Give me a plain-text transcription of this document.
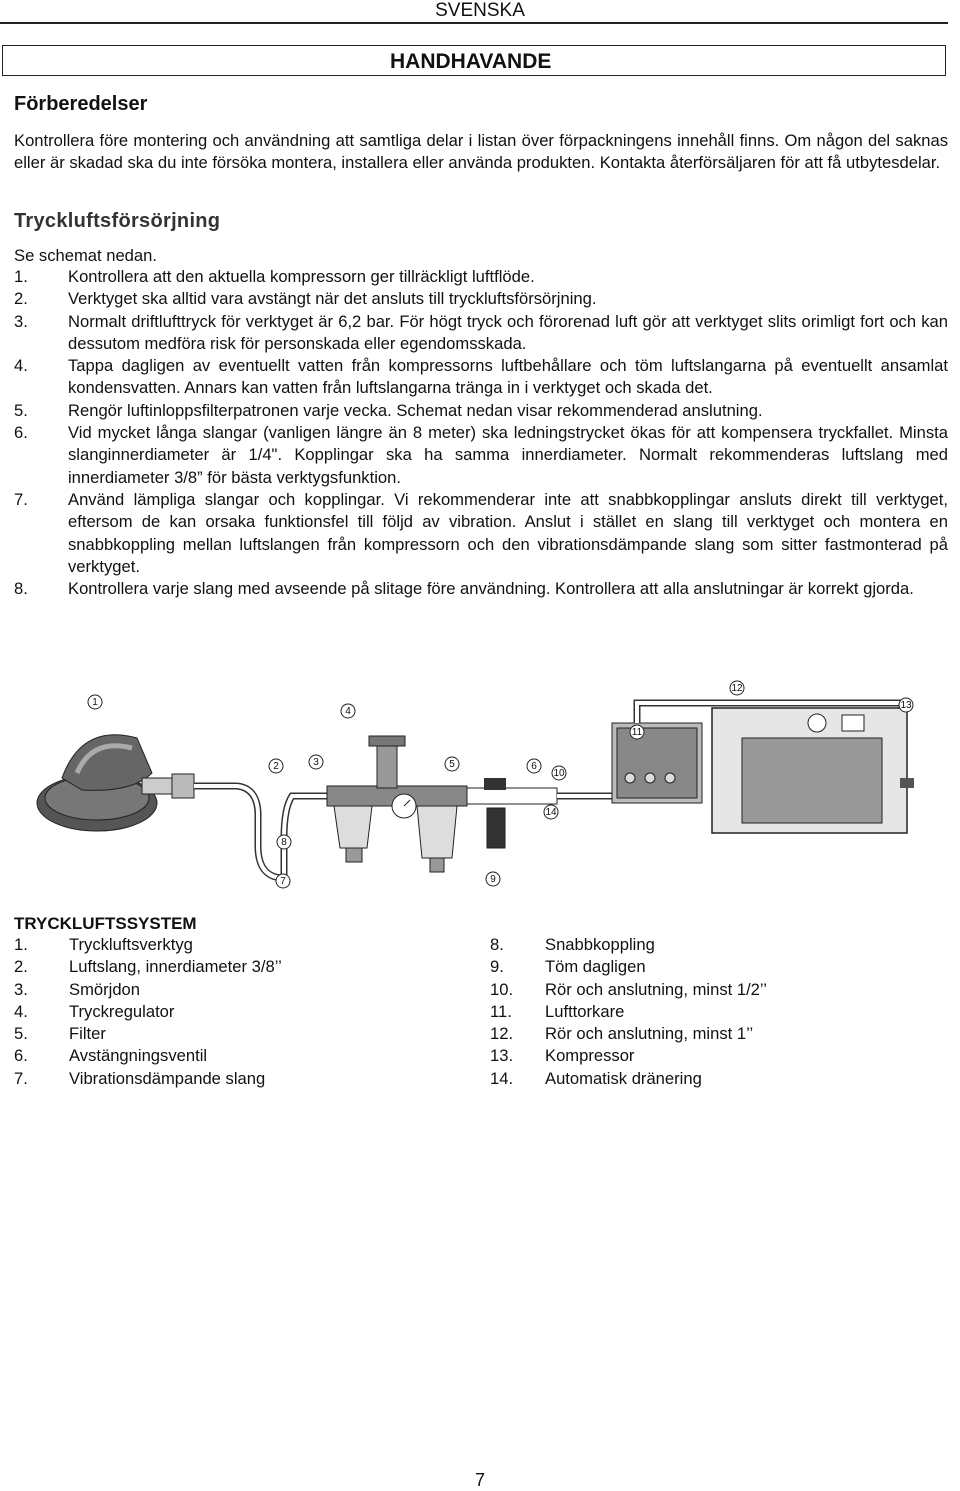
SVENSKA
HANDHAVANDE
Förberedelser
Kontrollera före montering och användning att samtliga delar i listan över förpackningens innehåll finns. Om någon del saknas eller är skadad ska du inte försöka montera, installera eller använda produkten. Kontakta återförsäljaren för att få utbytesdelar.
Tryckluftsförsörjning
Se schemat nedan.
1.	Kontrollera att den aktuella kompressorn ger tillräckligt luftflöde.
2.	Verktyget ska alltid vara avstängt när det ansluts till tryckluftsförsörjning.
3.	Normalt driftlufttryck för verktyget är 6,2 bar. För högt tryck och förorenad luft gör att verktyget slits orimligt fort och kan dessutom medföra risk för personskada eller egendomsskada.
4.	Tappa dagligen av eventuellt vatten från kompressorns luftbehållare och töm luftslangarna på eventuellt ansamlat kondensvatten. Annars kan vatten från luftslangarna tränga in i verktyget och skada det.
5.	Rengör luftinloppsfilterpatronen varje vecka. Schemat nedan visar rekommenderad anslutning.
6.	Vid mycket långa slangar (vanligen längre än 8 meter) ska ledningstrycket ökas för att kompensera tryckfallet. Minsta slanginnerdiameter är 1/4". Kopplingar ska ha samma innerdiameter. Normalt rekommenderas luftslang med innerdiameter 3/8” för bästa verktygsfunktion.
7.	Använd lämpliga slangar och kopplingar. Vi rekommenderar inte att snabbkopplingar ansluts direkt till verktyget, eftersom de kan orsaka funktionsfel till följd av vibration. Anslut i stället en slang till verktyget och montera en snabbkoppling mellan luftslangen från kompressorn och den vibrationsdämpande slang som sitter fastmonterad på verktyget.
8.	Kontrollera varje slang med avseende på slitage före användning. Kontrollera att alla anslutningar är korrekt gjorda.
1
2	3
4
5	6
7
8
9
10
11
12
13
14
TRYCKLUFTSSYSTEM
1.	Tryckluftsverktyg
2.	Luftslang, innerdiameter 3/8’’
3.	Smörjdon
4.	Tryckregulator
5.	Filter
6.	Avstängningsventil
7.	Vibrationsdämpande slang
8.	Snabbkoppling
9.	Töm dagligen
10.	Rör och anslutning, minst 1/2’’
11.	Lufttorkare
12.	Rör och anslutning, minst 1’’
13.	Kompressor
14.	Automatisk dränering
7
